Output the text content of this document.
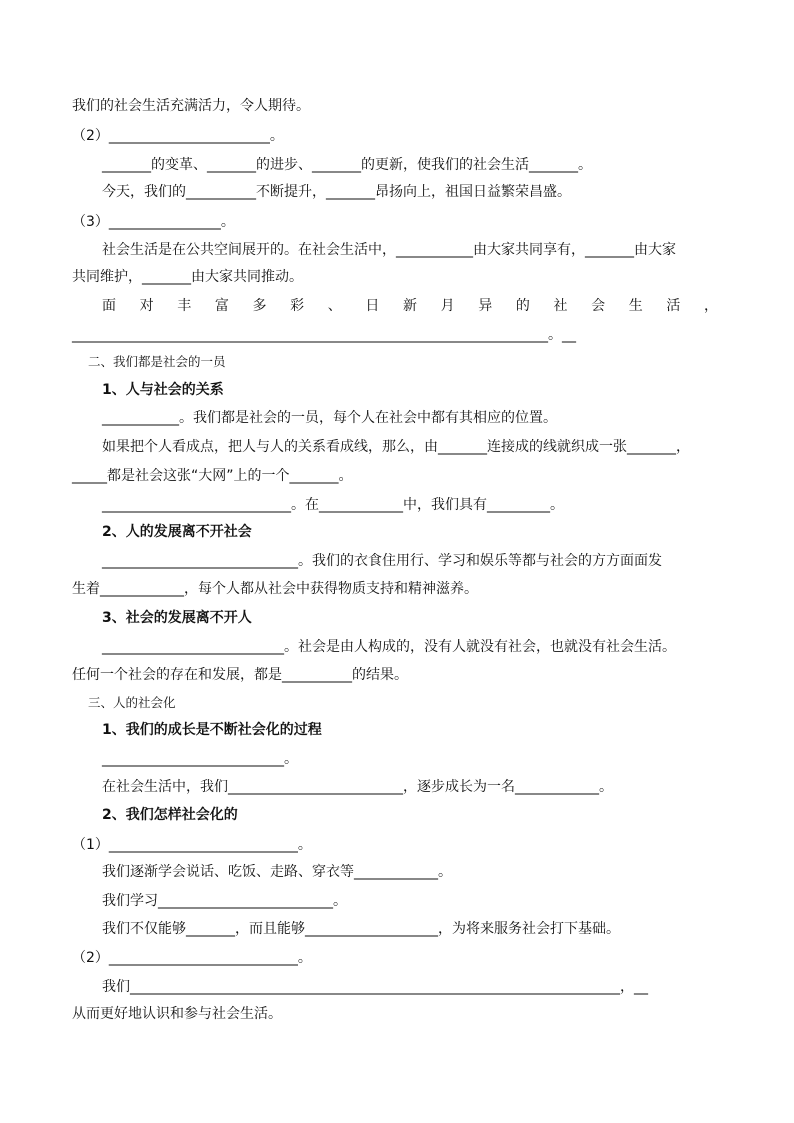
我们的社会生活充满活力，令人期待。
（2）_______________________。
_______的变革、_______的进步、_______的更新，使我们的社会生活_______。
今天，我们的__________不断提升，_______昂扬向上，祖国日益繁荣昌盛。
（3）________________。
社会生活是在公共空间展开的。在社会生活中，___________由大家共同享有，_______由大家
共同维护，_______由大家共同推动。
面 对 丰 富 多 彩 、 日 新 月 异 的 社 会 生 活 ，
____________________________________________________________________。__
二、我们都是社会的一员
1、人与社会的关系
___________。我们都是社会的一员，每个人在社会中都有其相应的位置。
如果把个人看成点，把人与人的关系看成线，那么，由_______连接成的线就织成一张_______，
_____都是社会这张“大网”上的一个_______。
___________________________。在____________中，我们具有_________。
2、人的发展离不开社会
____________________________。我们的衣食住用行、学习和娱乐等都与社会的方方面面发
生着____________，每个人都从社会中获得物质支持和精神滋养。
3、社会的发展离不开人
__________________________。社会是由人构成的，没有人就没有社会，也就没有社会生活。
任何一个社会的存在和发展，都是__________的结果。
三、人的社会化
1、我们的成长是不断社会化的过程
__________________________。
在社会生活中，我们_________________________，逐步成长为一名____________。
2、我们怎样社会化的
（1）___________________________。
我们逐渐学会说话、吃饭、走路、穿衣等____________。
我们学习_________________________。
我们不仅能够_______，而且能够___________________，为将来服务社会打下基础。
（2）___________________________。
我们______________________________________________________________________，__
从而更好地认识和参与社会生活。
